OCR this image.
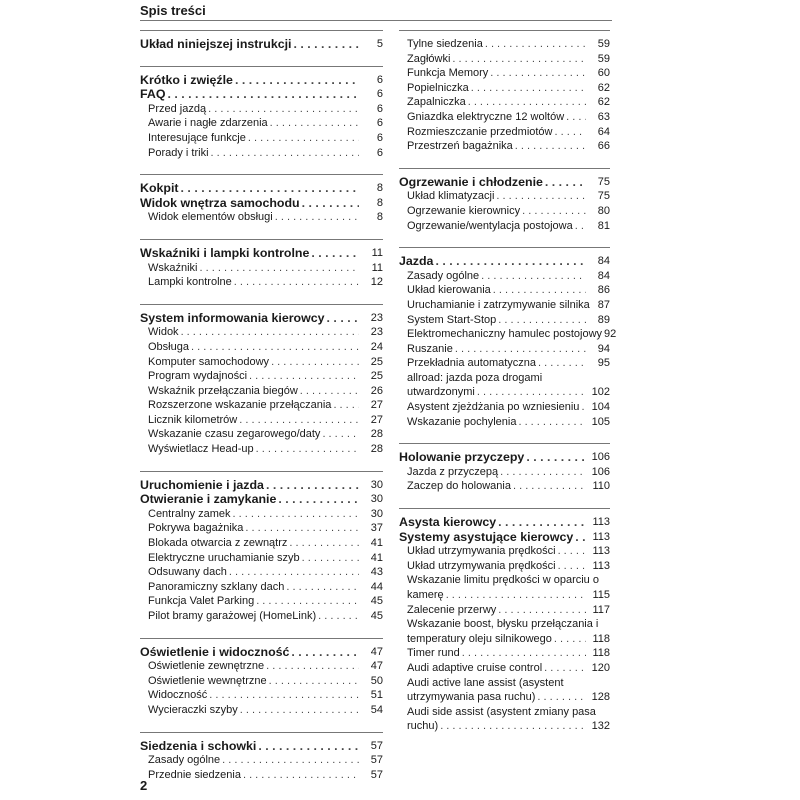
Spis treści
Układ niniejszej instrukcji . . .	5
Krótko i zwięźle . . .	6
FAQ . . .	6
Przed jazdą . . .	6
Awarie i nagłe zdarzenia . . .	6
Interesujące funkcje . . .	6
Porady i triki . . .	6
Kokpit . . .	8
Widok wnętrza samochodu . . .	8
Widok elementów obsługi . . .	8
Wskaźniki i lampki kontrolne . . .	11
Wskaźniki . . .	11
Lampki kontrolne . . .	12
System informowania kierowcy . . .	23
Widok . . .	23
Obsługa . . .	24
Komputer samochodowy . . .	25
Program wydajności . . .	25
Wskaźnik przełączania biegów . . .	26
Rozszerzone wskazanie przełączania . . .	27
Licznik kilometrów . . .	27
Wskazanie czasu zegarowego/daty . . .	28
Wyświetlacz Head-up . . .	28
Uruchomienie i jazda . . .	30
Otwieranie i zamykanie . . .	30
Centralny zamek . . .	30
Pokrywa bagażnika . . .	37
Blokada otwarcia z zewnątrz . . .	41
Elektryczne uruchamianie szyb . . .	41
Odsuwany dach . . .	43
Panoramiczny szklany dach . . .	44
Funkcja Valet Parking . . .	45
Pilot bramy garażowej (HomeLink) . . .	45
Oświetlenie i widoczność . . .	47
Oświetlenie zewnętrzne . . .	47
Oświetlenie wewnętrzne . . .	50
Widoczność . . .	51
Wycieraczki szyby . . .	54
Siedzenia i schowki . . .	57
Zasady ogólne . . .	57
Przednie siedzenia . . .	57
Tylne siedzenia . . .	59
Zagłówki . . .	59
Funkcja Memory . . .	60
Popielniczka . . .	62
Zapalniczka . . .	62
Gniazdka elektryczne 12 woltów . . .	63
Rozmieszczanie przedmiotów . . .	64
Przestrzeń bagażnika . . .	66
Ogrzewanie i chłodzenie . . .	75
Układ klimatyzacji . . .	75
Ogrzewanie kierownicy . . .	80
Ogrzewanie/wentylacja postojowa . . .	81
Jazda . . .	84
Zasady ogólne . . .	84
Układ kierowania . . .	86
Uruchamianie i zatrzymywanie silnika 87
System Start-Stop . . .	89
Elektromechaniczny hamulec postojowy 92
Ruszanie . . .	94
Przekładnia automatyczna . . .	95
allroad: jazda poza drogami
utwardzonymi . . .	102
Asystent zjeżdżania po wzniesieniu . . .	104
Wskazanie pochylenia . . .	105
Holowanie przyczepy . . .	106
Jazda z przyczepą . . .	106
Zaczep do holowania . . .	110
Asysta kierowcy . . .	113
Systemy asystujące kierowcy . . .	113
Układ utrzymywania prędkości . . .	113
Układ utrzymywania prędkości . . .	113
Wskazanie limitu prędkości w oparciu o
kamerę . . .	115
Zalecenie przerwy . . .	117
Wskazanie boost, błysku przełączania i
temperatury oleju silnikowego . . .	118
Timer rund . . .	118
Audi adaptive cruise control . . .	120
Audi active lane assist (asystent
utrzymywania pasa ruchu) . . .	128
Audi side assist (asystent zmiany pasa
ruchu) . . .	132
2
